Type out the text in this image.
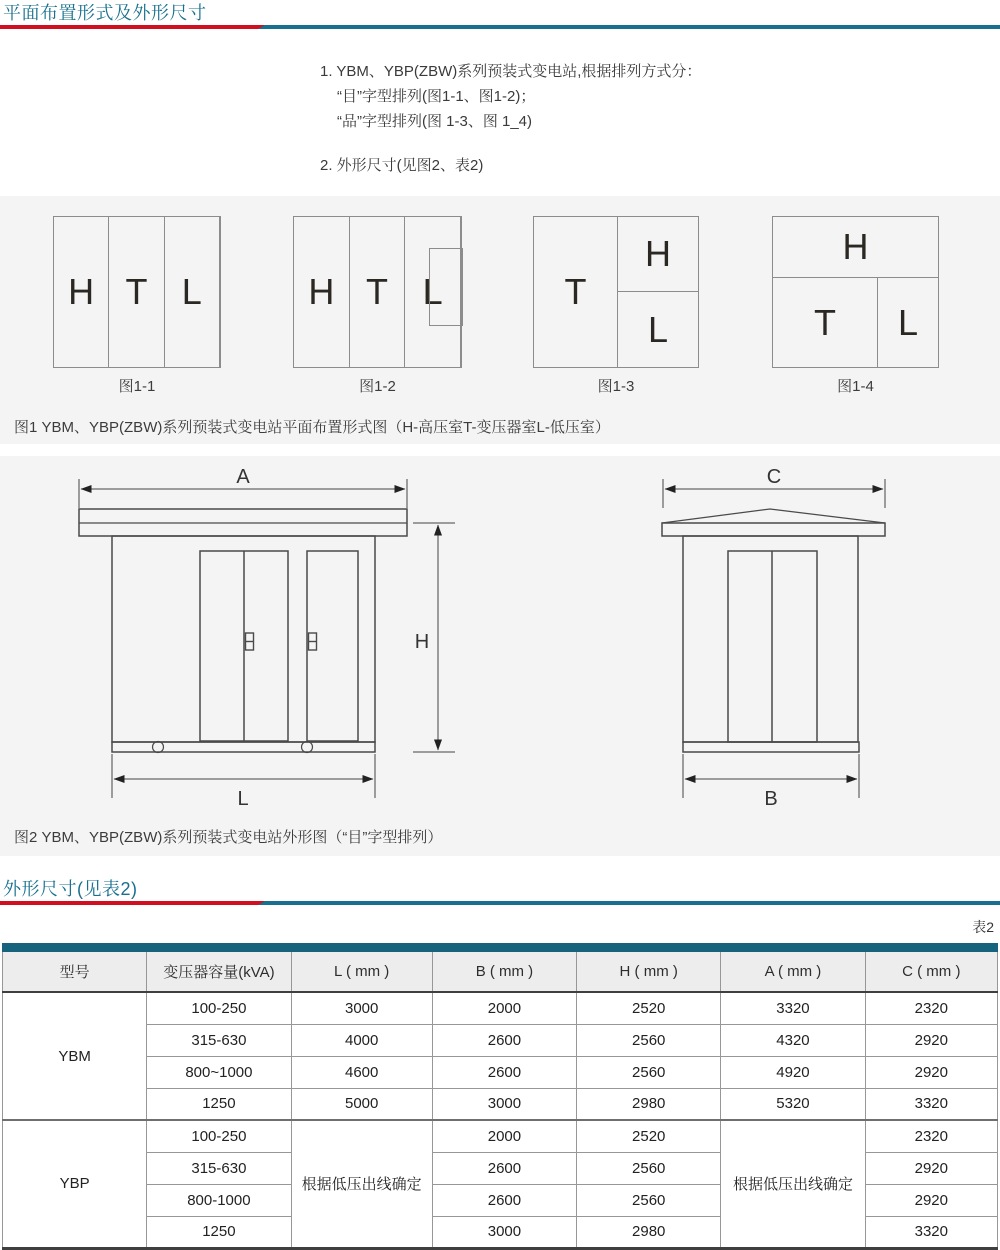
平面布置形式及外形尺寸

1. YBM、YBP(ZBW)系列预装式变电站,根据排列方式分：

“目”字型排列(图1-1、图1-2)；

“品”字型排列(图 1-3、图 1_4)

2. 外形尺寸(见图2、表2)

H T L
图1-1
H T L
图1-2
T
H
L
图1-3
H
T	L
图1-4

图1 YBM、YBP(ZBW)系列预装式变电站平面布置形式图（H-高压室T-变压器室L-低压室）

A
L
H
C
B

图2 YBM、YBP(ZBW)系列预装式变电站外形图（“目”字型排列）

外形尺寸(见表2)
表2
型号	变压器容量(kVA)	L ( mm )	B ( mm )	H ( mm )	A ( mm )	C ( mm )
YBM	100-250	3000	2000	2520	3320	2320
	315-630	4000	2600	2560	4320	2920
	800~1000	4600	2600	2560	4920	2920
	1250	5000	3000	2980	5320	3320
YBP	100-250	根据低压出线确定	2000	2520	根据低压出线确定	2320
	315-630		2600	2560		2920
	800-1000		2600	2560		2920
	1250		3000	2980		3320
